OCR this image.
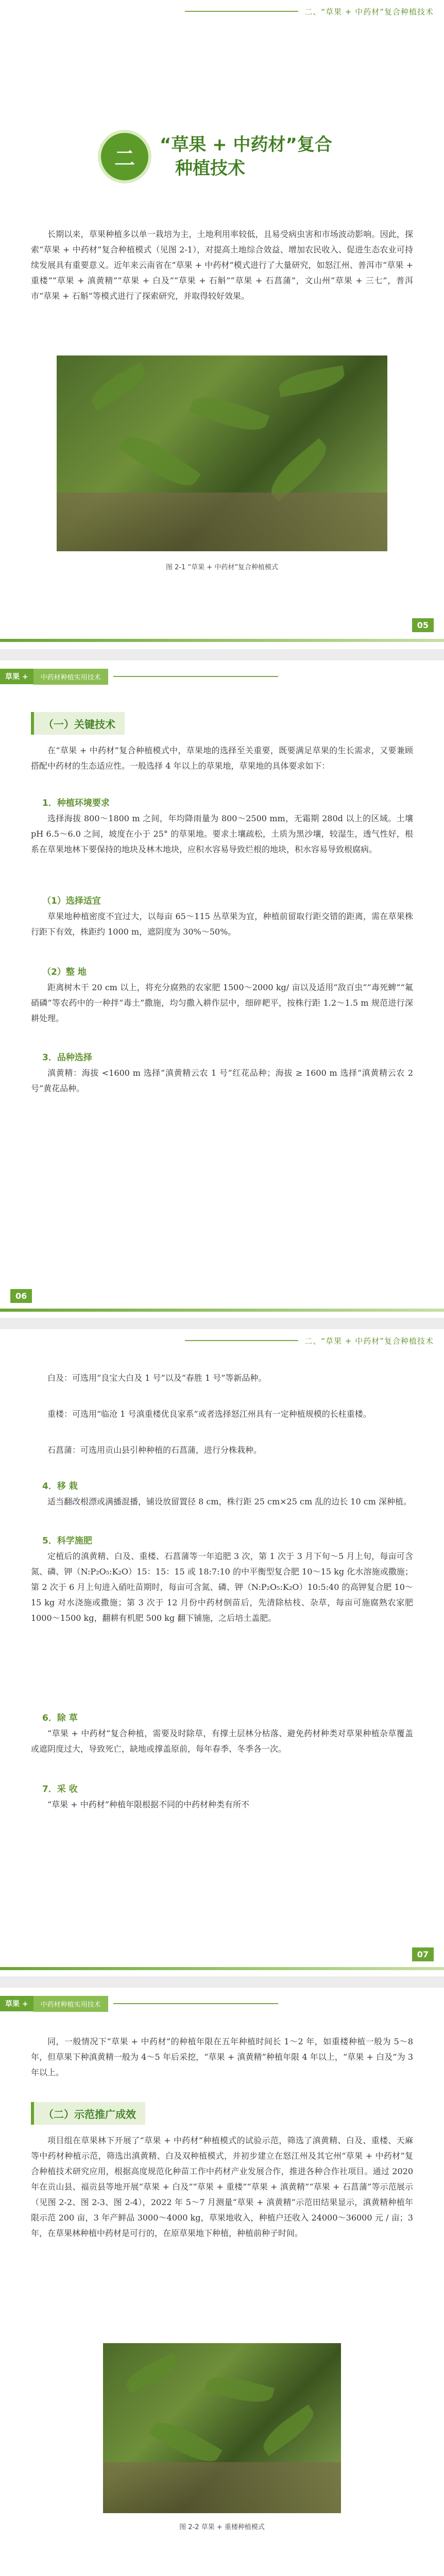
二、“草果 + 中药材”复合种植技术
二
“草果 + 中药材”复合
种植技术

长期以来，草果种植多以单一栽培为主，土地利用率较低，且易受病虫害和市场波动影响。因此，探索“草果 + 中药材”复合种植模式（见图 2-1），对提高土地综合效益、增加农民收入、促进生态农业可持续发展具有重要意义。近年来云南省在“草果 + 中药材”模式进行了大量研究，如怒江州、普洱市“草果 + 重楼”“草果 + 滇黄精”“草果 + 白及”“草果 + 石斛”“草果 + 石菖蒲”，文山州“草果 + 三七”，普洱市“草果 + 石斛”等模式进行了探索研究，并取得较好效果。

图 2-1 “草果 + 中药材”复合种植模式
05
草果 +	中药材种植实用技术
（一）关键技术

在“草果 + 中药材”复合种植模式中，草果地的选择至关重要，既要满足草果的生长需求，又要兼顾搭配中药材的生态适应性。一般选择 4 年以上的草果地，草果地的具体要求如下：

1．种植环境要求

选择海拔 800～1800 m 之间，年均降雨量为 800～2500 mm，无霜期 280d 以上的区域。土壤 pH 6.5～6.0 之间，坡度在小于 25° 的草果地。要求土壤疏松，土质为黑沙壤，较湿生，透气性好，根系在草果地林下要保持的地块及林木地块，应积水容易导致烂根的地块，积水容易导致根腐病。

（1）选择适宜

草果地种植密度不宜过大，以每亩 65～115 丛草果为宜，种植前留取行距交错的距离，需在草果株行距下有效，株距约 1000 m，遮阴度为 30%～50%。

（2）整 地

距离树木干 20 cm 以上，将充分腐熟的农家肥 1500～2000 kg/ 亩以及适用“敌百虫”“毒死蜱”“氟硝磷”等农药中的一种拌“毒土”撒施，均匀撒入耕作层中，细碎耙平，按株行距 1.2～1.5 m 规范进行深耕处理。

3．品种选择

滇黄精：海拔 <1600 m 选择“滇黄精云农 1 号”红花品种；海拔 ≥ 1600 m 选择“滇黄精云农 2 号”黄花品种。

06
二、“草果 + 中药材”复合种植技术

白及：可选用“良宝大白及 1 号”以及“春胜 1 号”等新品种。

重楼：可选用“临沧 1 号滇重楼优良家系”或者选择怒江州具有一定种植规模的长柱重楼。

石菖蒲：可选用贡山县引种种植的石菖蒲，进行分株栽种。

4．移 栽

适当翻改根漂或满播混播，铺设放留置径 8 cm，株行距 25 cm×25 cm 乱的边长 10 cm 深种植。

5．科学施肥

定植后的滇黄精、白及、重楼、石菖蒲等一年追肥 3 次，第 1 次于 3 月下旬～5 月上旬，每亩可含氮、磷、钾（N:P₂O₅:K₂O）15：15：15 或 18:7:10 的中平衡型复合肥 10～15 kg 化水溶施或撒施；第 2 次于 6 月上旬进入硝吐苗期时，每亩可含氮、磷、钾（N:P₂O₅:K₂O）10:5:40 的高钾复合肥 10～15 kg 对水浇施或撒施；第 3 次于 12 月份中药材倒苗后，先清除枯枝、杂草，每亩可施腐熟农家肥 1000～1500 kg，翻耕有机肥 500 kg 翻下铺施，之后培土盖肥。

6．除 草

“草果 + 中药材”复合种植，需要及时除草，有撑土层林分枯落、避免药材种类对草果种植杂草覆盖或遮阴度过大，导致死亡，缺地或撑盖原前，每年春季、冬季各一次。

7．采 收

“草果 + 中药材”种植年限根据不同的中药材种类有所不

07
草果 +	中药材种植实用技术

同，一般情况下“草果 + 中药材”的种植年限在五年种植时间长 1～2 年，如重楼种植一般为 5～8 年，但草果下种滇黄精一般为 4～5 年后采挖，“草果 + 滇黄精”种植年限 4 年以上，“草果 + 白及”为 3 年以上。

（二）示范推广成效

项目组在草果林下开展了“草果 + 中药材”种植模式的试验示范，筛选了滇黄精、白及、重楼、天麻等中药材种植示范，筛选出滇黄精、白及双种植模式，并初步建立在怒江州及其它州“草果 + 中药材”复合种植技术研究应用，根据高度规范化种苗工作中药材产业发展合作，推进各种合作社项目。通过 2020 年在贡山县、福贡县等地开展“草果 + 白及”“草果 + 重楼”“草果 + 滇黄精”“草果 + 石菖蒲”等示范展示（见图 2-2、图 2-3、图 2-4），2022 年 5～7 月测量“草果 + 滇黄精”示范田结果显示，滇黄精种植年限示范 200 亩，3 年产鲜品 3000～4000 kg，草果地收入，种植户还收入 24000～36000 元 / 亩；3 年，在草果林种植中药材是可行的，在原草果地下种植，种植前种子时间。

图 2-2 草果 + 重楼种植模式
